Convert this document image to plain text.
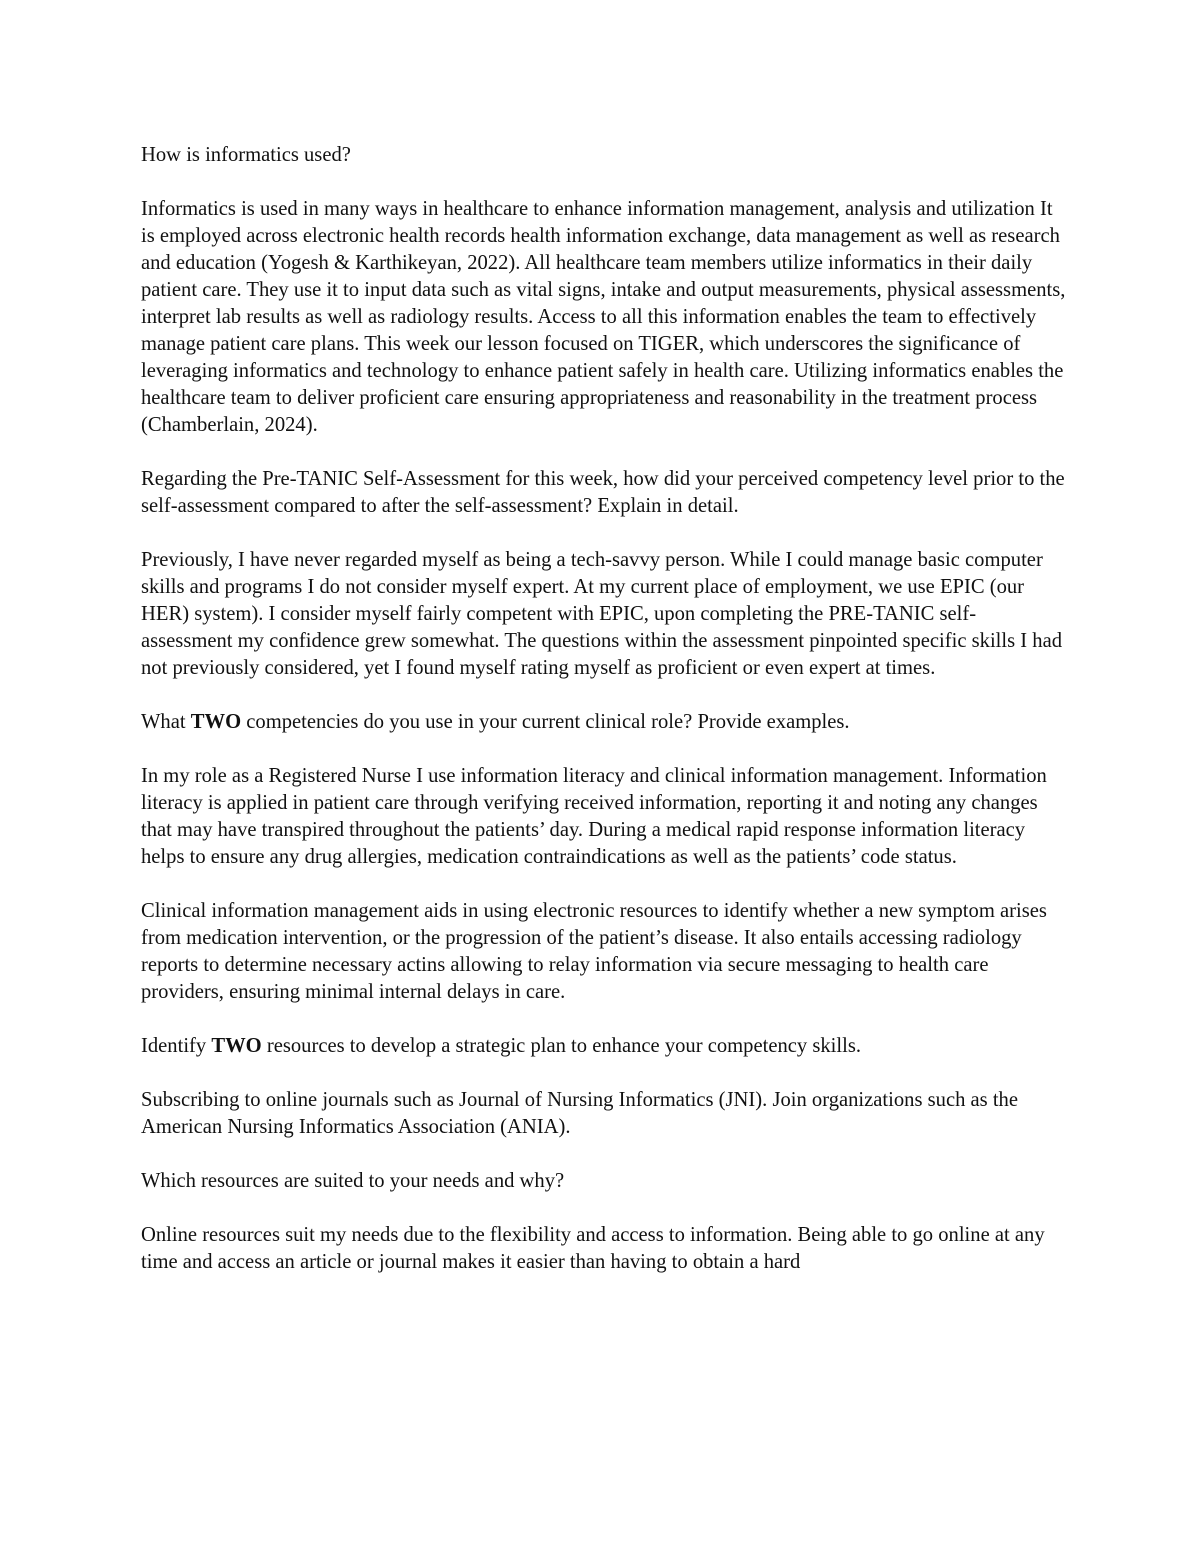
How is informatics used?

Informatics is used in many ways in healthcare to enhance information management, analysis and utilization It is employed across electronic health records health information exchange, data management as well as research and education (Yogesh & Karthikeyan, 2022). All healthcare team members utilize informatics in their daily patient care. They use it to input data such as vital signs, intake and output measurements, physical assessments, interpret lab results as well as radiology results. Access to all this information enables the team to effectively manage patient care plans. This week our lesson focused on TIGER, which underscores the significance of leveraging informatics and technology to enhance patient safely in health care. Utilizing informatics enables the healthcare team to deliver proficient care ensuring appropriateness and reasonability in the treatment process (Chamberlain, 2024).

Regarding the Pre-TANIC Self-Assessment for this week, how did your perceived competency level prior to the self-assessment compared to after the self-assessment? Explain in detail.

Previously, I have never regarded myself as being a tech-savvy person. While I could manage basic computer skills and programs I do not consider myself expert. At my current place of employment, we use EPIC (our HER) system). I consider myself fairly competent with EPIC, upon completing the PRE-TANIC self-assessment my confidence grew somewhat. The questions within the assessment pinpointed specific skills I had not previously considered, yet I found myself rating myself as proficient or even expert at times.

What TWO competencies do you use in your current clinical role? Provide examples.

In my role as a Registered Nurse I use information literacy and clinical information management. Information literacy is applied in patient care through verifying received information, reporting it and noting any changes that may have transpired throughout the patients’ day. During a medical rapid response information literacy helps to ensure any drug allergies, medication contraindications as well as the patients’ code status.

Clinical information management aids in using electronic resources to identify whether a new symptom arises from medication intervention, or the progression of the patient’s disease. It also entails accessing radiology reports to determine necessary actins allowing to relay information via secure messaging to health care providers, ensuring minimal internal delays in care.

Identify TWO resources to develop a strategic plan to enhance your competency skills.

Subscribing to online journals such as Journal of Nursing Informatics (JNI). Join organizations such as the American Nursing Informatics Association (ANIA).

Which resources are suited to your needs and why?

Online resources suit my needs due to the flexibility and access to information. Being able to go online at any time and access an article or journal makes it easier than having to obtain a hard
